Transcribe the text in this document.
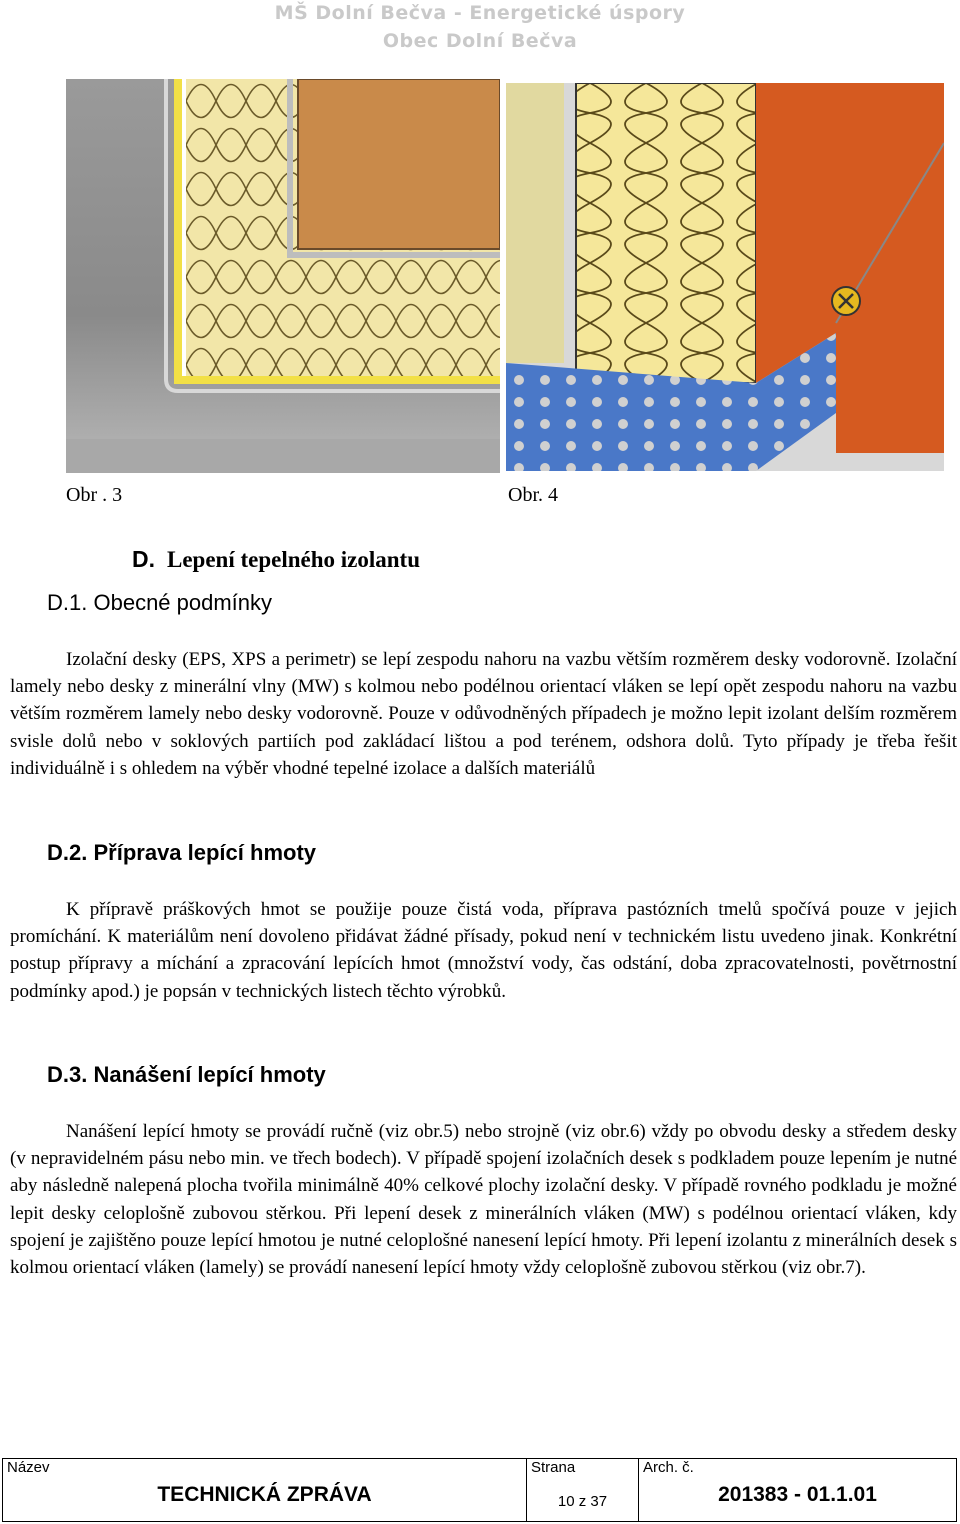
MŠ Dolní Bečva - Energetické úspory
Obec Dolní Bečva
Obr . 3	Obr. 4
D. Lepení tepelného izolantu
D.1. Obecné podmínky
Izolační desky (EPS, XPS a perimetr) se lepí zespodu nahoru na vazbu větším rozměrem desky vodorovně. Izolační lamely nebo desky z minerální vlny (MW) s kolmou nebo podélnou orientací vláken se lepí opět zespodu nahoru na vazbu větším rozměrem lamely nebo desky vodorovně. Pouze v odůvodněných případech je možno lepit izolant delším rozměrem svisle dolů nebo v soklových partiích pod zakládací lištou a pod terénem, odshora dolů. Tyto případy je třeba řešit individuálně i s ohledem na výběr vhodné tepelné izolace a dalších materiálů
D.2. Příprava lepící hmoty
K přípravě práškových hmot se použije pouze čistá voda, příprava pastózních tmelů spočívá pouze v jejich promíchání. K materiálům není dovoleno přidávat žádné přísady, pokud není v technickém listu uvedeno jinak. Konkrétní postup přípravy a míchání a zpracování lepících hmot (množství vody, čas odstání, doba zpracovatelnosti, povětrnostní podmínky apod.) je popsán v technických listech těchto výrobků.
D.3. Nanášení lepící hmoty
Nanášení lepící hmoty se provádí ručně (viz obr.5) nebo strojně (viz obr.6) vždy po obvodu desky a středem desky (v nepravidelném pásu nebo min. ve třech bodech). V případě spojení izolačních desek s podkladem pouze lepením je nutné aby následně nalepená plocha tvořila minimálně 40% celkové plochy izolační desky. V případě rovného podkladu je možné lepit desky celoplošně zubovou stěrkou. Při lepení desek z minerálních vláken (MW) s podélnou orientací vláken, kdy spojení je zajištěno pouze lepící hmotou je nutné celoplošné nanesení lepící hmoty. Při lepení izolantu z minerálních desek s kolmou orientací vláken (lamely) se provádí nanesení lepící hmoty vždy celoplošně zubovou stěrkou (viz obr.7).
Název
TECHNICKÁ ZPRÁVA
Strana
10 z 37
Arch. č.
201383 - 01.1.01
